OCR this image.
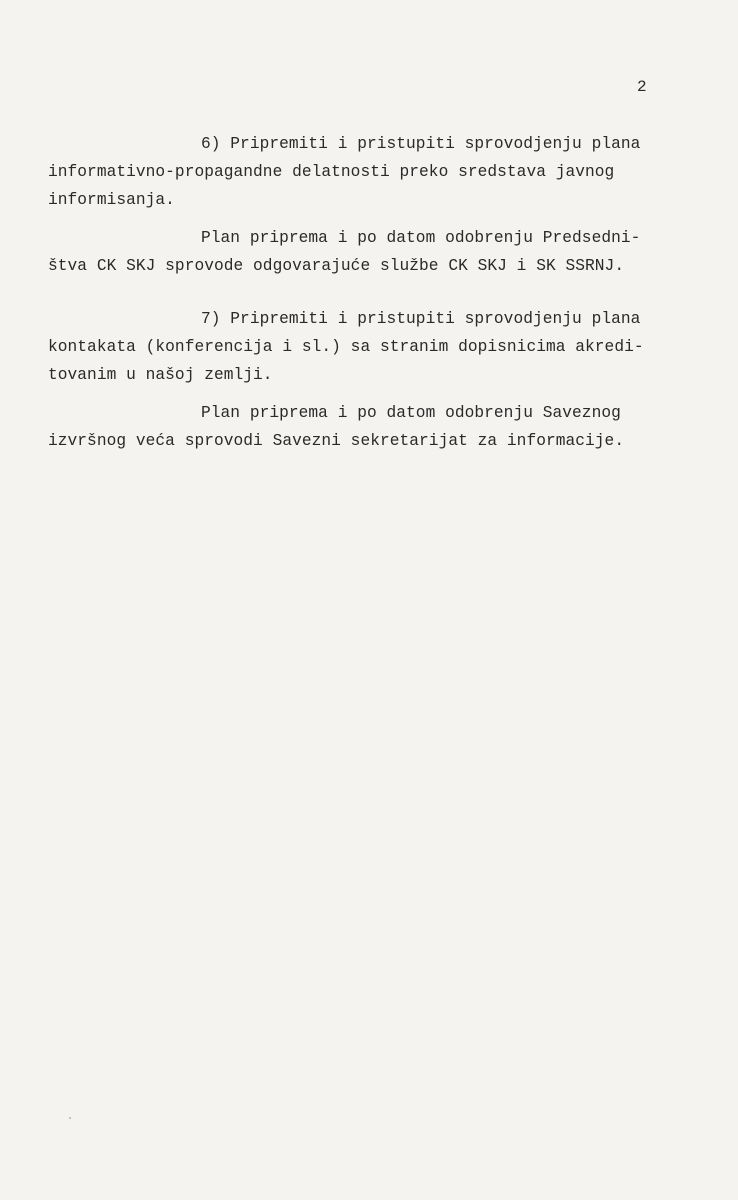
2
6) Pripremiti i pristupiti sprovodjenju plana
informativno-propagandne delatnosti preko sredstava javnog
informisanja.
Plan priprema i po datom odobrenju Predsedni-
štva CK SKJ sprovode odgovarajuće službe CK SKJ i SK SSRNJ.
7) Pripremiti i pristupiti sprovodjenju plana
kontakata (konferencija i sl.) sa stranim dopisnicima akredi-
tovanim u našoj zemlji.
Plan priprema i po datom odobrenju Saveznog
izvršnog veća sprovodi Savezni sekretarijat za informacije.
